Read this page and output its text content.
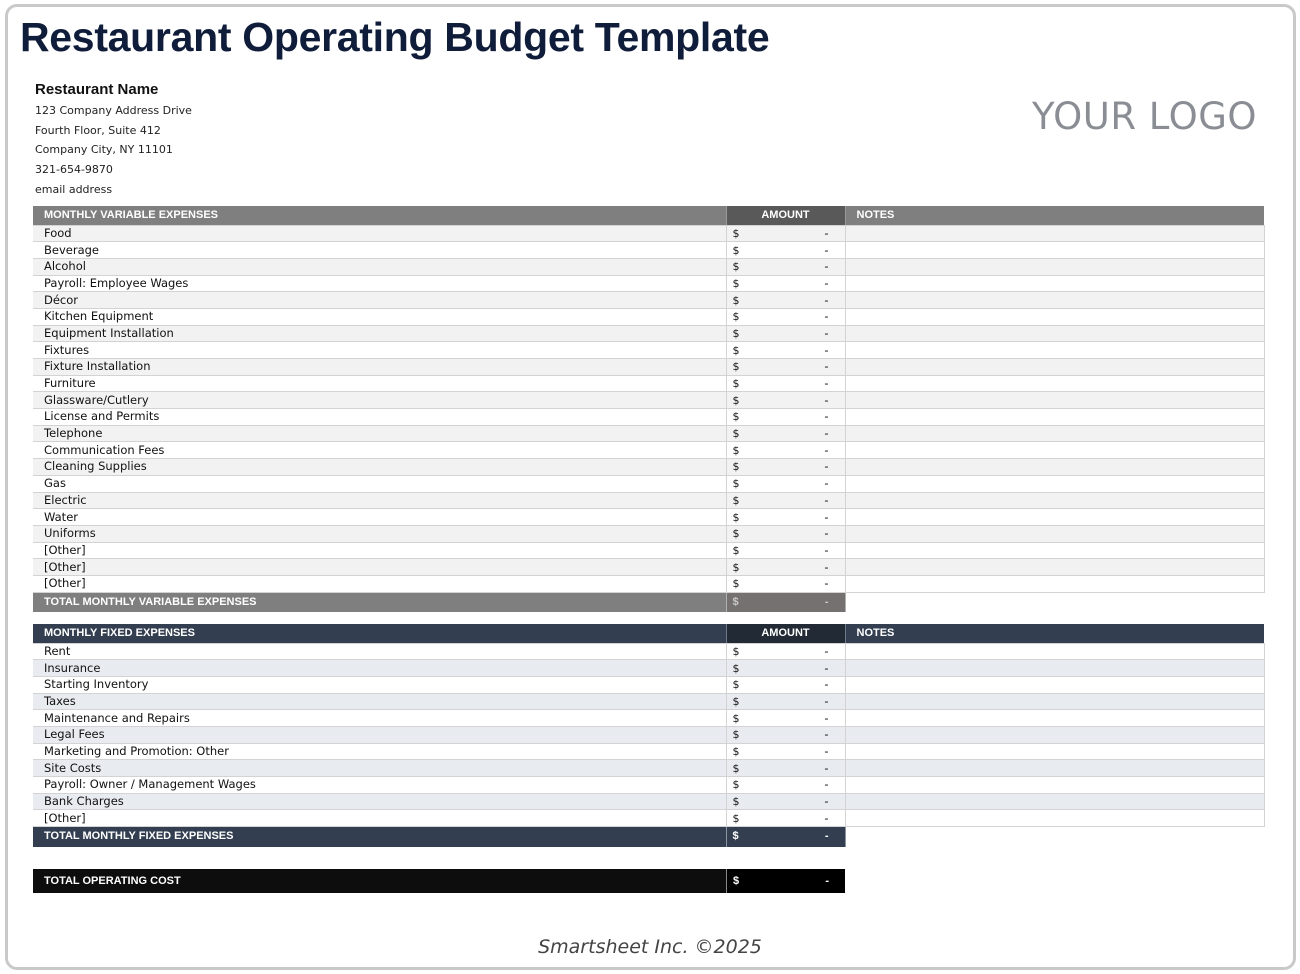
Restaurant Operating Budget Template
Restaurant Name
123 Company Address Drive
Fourth Floor, Suite 412
Company City, NY 11101
321-654-9870
email address
YOUR LOGO
MONTHLY VARIABLE EXPENSES	AMOUNT	NOTES
Food	$ -	

Beverage	$ -	

Alcohol	$ -	

Payroll: Employee Wages	$ -	

Décor	$ -	

Kitchen Equipment	$ -	

Equipment Installation	$ -	

Fixtures	$ -	

Fixture Installation	$ -	

Furniture	$ -	

Glassware/Cutlery	$ -	

License and Permits	$ -	

Telephone	$ -	

Communication Fees	$ -	

Cleaning Supplies	$ -	

Gas	$ -	

Electric	$ -	

Water	$ -	

Uniforms	$ -	

[Other]	$ -	

[Other]	$ -	

[Other]	$ -	

TOTAL MONTHLY VARIABLE EXPENSES	$ -	

MONTHLY FIXED EXPENSES	AMOUNT	NOTES
Rent	$ -	

Insurance	$ -	

Starting Inventory	$ -	

Taxes	$ -	

Maintenance and Repairs	$ -	

Legal Fees	$ -	

Marketing and Promotion: Other	$ -	

Site Costs	$ -	

Payroll: Owner / Management Wages	$ -	

Bank Charges	$ -	

[Other]	$ -	

TOTAL MONTHLY FIXED EXPENSES	$ -	

TOTAL OPERATING COST	$	-
Smartsheet Inc. ©2025
